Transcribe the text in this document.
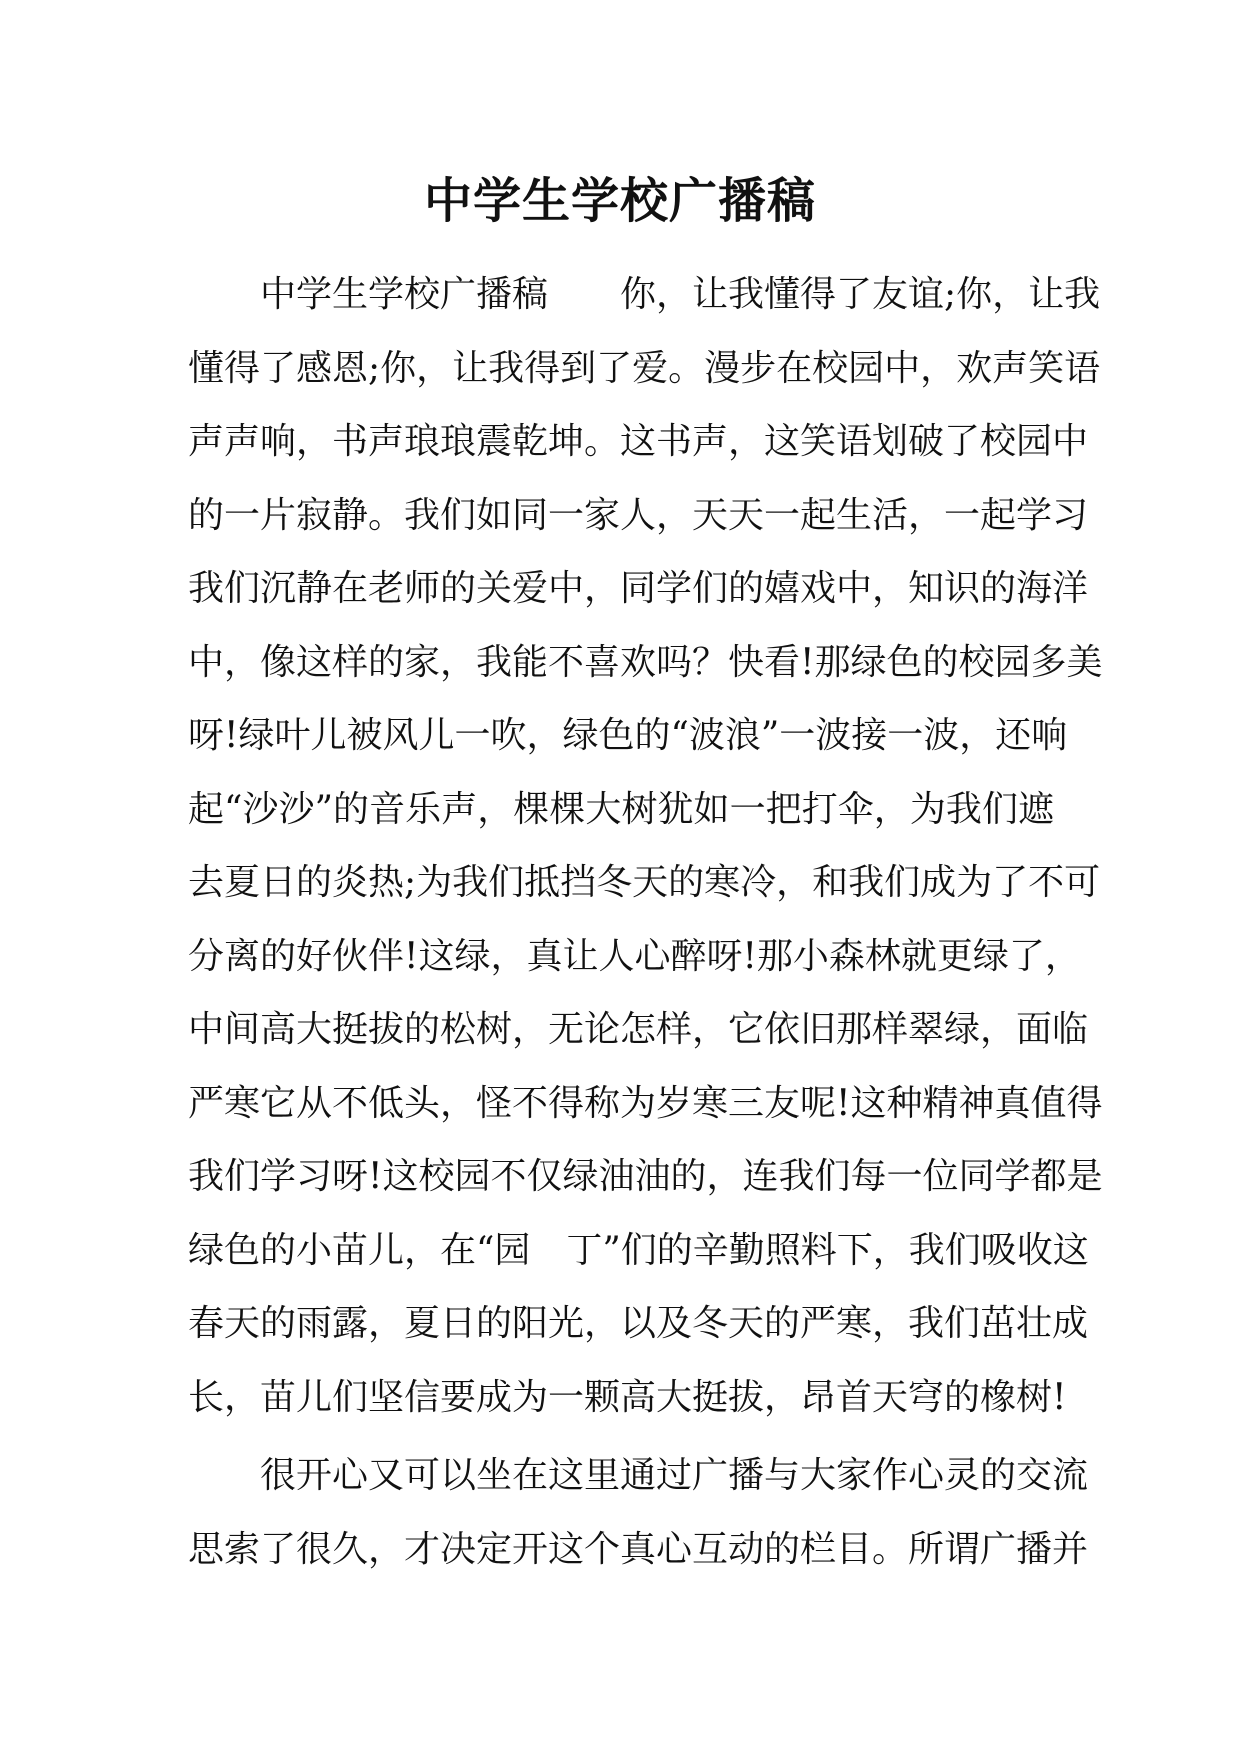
中学生学校广播稿
中学生学校广播稿　　你，让我懂得了友谊;你，让我
懂得了感恩;你，让我得到了爱。漫步在校园中，欢声笑语
声声响，书声琅琅震乾坤。这书声，这笑语划破了校园中
的一片寂静。我们如同一家人，天天一起生活，一起学习
我们沉静在老师的关爱中，同学们的嬉戏中，知识的海洋
中，像这样的家，我能不喜欢吗？快看!那绿色的校园多美
呀!绿叶儿被风儿一吹，绿色的“波浪”一波接一波，还响
起“沙沙”的音乐声，棵棵大树犹如一把打伞，为我们遮
去夏日的炎热;为我们抵挡冬天的寒冷，和我们成为了不可
分离的好伙伴!这绿，真让人心醉呀!那小森林就更绿了，
中间高大挺拔的松树，无论怎样，它依旧那样翠绿，面临
严寒它从不低头，怪不得称为岁寒三友呢!这种精神真值得
我们学习呀!这校园不仅绿油油的，连我们每一位同学都是
绿色的小苗儿，在“园　丁”们的辛勤照料下，我们吸收这
春天的雨露，夏日的阳光，以及冬天的严寒，我们茁壮成
长，苗儿们坚信要成为一颗高大挺拔，昂首天穹的橡树!
很开心又可以坐在这里通过广播与大家作心灵的交流
思索了很久，才决定开这个真心互动的栏目。所谓广播并
